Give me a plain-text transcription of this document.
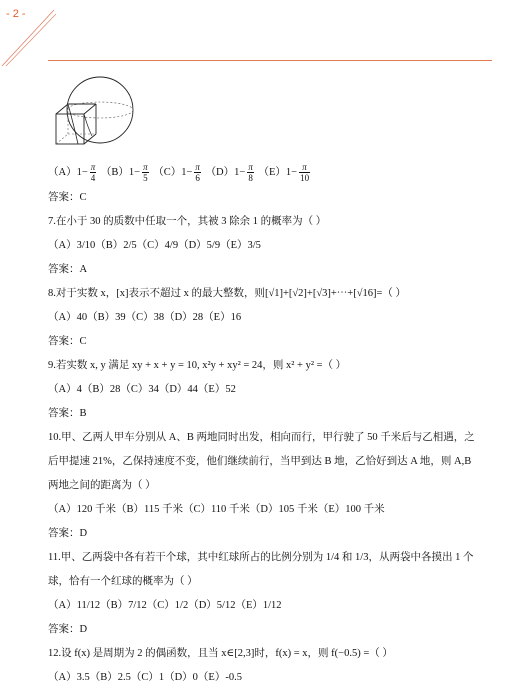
- 2 -
$(A)1- \frac{\pi}{4} (B)1- \frac{\pi}{5} (C)1- \frac{\pi}{6} (D)1- \frac{\pi}{8} (E)1- \frac{\pi}{10}$
答案：C
7.在小于 30 的质数中任取一个，其被 3 除余 1 的概率为（ ）
（A）3/10（B）2/5（C）4/9（D）5/9（E）3/5
答案：A
8.对于实数 x，[x]表示不超过 x 的最大整数，则[√1]+[√2]+[√3]+⋯+[√16]=（ ）
（A）40（B）39（C）38（D）28（E）16
答案：C
9.若实数 x, y 满足 xy + x + y = 10, x²y + xy² = 24，则 x² + y² =（ ）
（A）4（B）28（C）34（D）44（E）52
答案：B
10.甲、乙两人甲车分别从 A、B 两地同时出发，相向而行，甲行驶了 50 千米后与乙相遇，之
后甲提速 21%，乙保持速度不变，他们继续前行，当甲到达 B 地，乙恰好到达 A 地，则 A,B
两地之间的距离为（ ）
（A）120 千米（B）115 千米（C）110 千米（D）105 千米（E）100 千米
答案：D
11.甲、乙两袋中各有若干个球，其中红球所占的比例分别为 1/4 和 1/3，从两袋中各摸出 1 个
球，恰有一个红球的概率为（ ）
（A）11/12（B）7/12（C）1/2（D）5/12（E）1/12
答案：D
12.设 f(x) 是周期为 2 的偶函数，且当 x∈[2,3]时，f(x) = x，则 f(−0.5) =（ ）
（A）3.5（B）2.5（C）1（D）0（E）-0.5
